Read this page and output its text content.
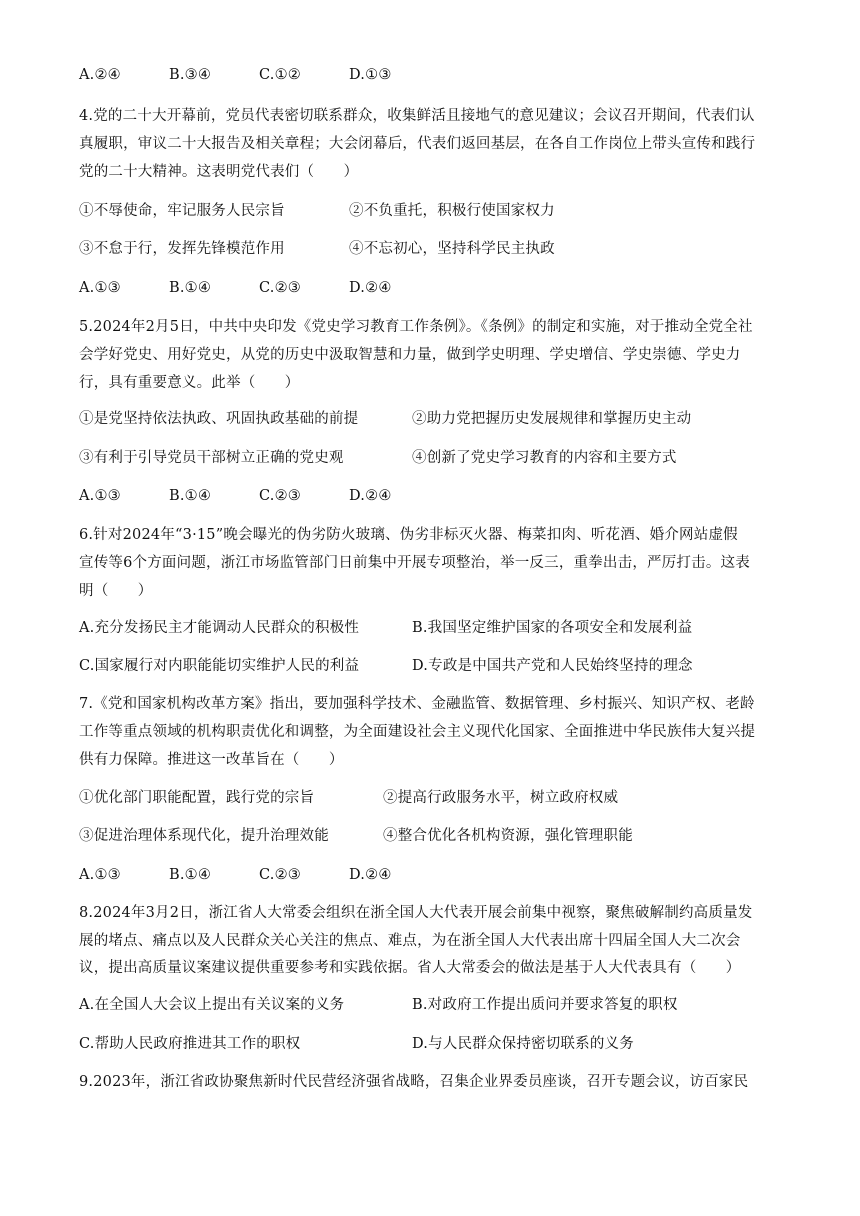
A.②④	B.③④	C.①②	D.①③
4.党的二十大开幕前，党员代表密切联系群众，收集鲜活且接地气的意见建议；会议召开期间，代表们认
真履职，审议二十大报告及相关章程；大会闭幕后，代表们返回基层，在各自工作岗位上带头宣传和践行
党的二十大精神。这表明党代表们（　　）
①不辱使命，牢记服务人民宗旨	②不负重托，积极行使国家权力
③不怠于行，发挥先锋模范作用	④不忘初心，坚持科学民主执政
A.①③	B.①④	C.②③	D.②④
5.2024年2月5日，中共中央印发《党史学习教育工作条例》。《条例》的制定和实施，对于推动全党全社
会学好党史、用好党史，从党的历史中汲取智慧和力量，做到学史明理、学史增信、学史崇德、学史力
行，具有重要意义。此举（　　）
①是党坚持依法执政、巩固执政基础的前提	②助力党把握历史发展规律和掌握历史主动
③有利于引导党员干部树立正确的党史观	④创新了党史学习教育的内容和主要方式
A.①③	B.①④	C.②③	D.②④
6.针对2024年“3·15”晚会曝光的伪劣防火玻璃、伪劣非标灭火器、梅菜扣肉、听花酒、婚介网站虚假
宣传等6个方面问题，浙江市场监管部门日前集中开展专项整治，举一反三，重拳出击，严厉打击。这表
明（　　）
A.充分发扬民主才能调动人民群众的积极性	B.我国坚定维护国家的各项安全和发展利益
C.国家履行对内职能能切实维护人民的利益	D.专政是中国共产党和人民始终坚持的理念
7.《党和国家机构改革方案》指出，要加强科学技术、金融监管、数据管理、乡村振兴、知识产权、老龄
工作等重点领域的机构职责优化和调整，为全面建设社会主义现代化国家、全面推进中华民族伟大复兴提
供有力保障。推进这一改革旨在（　　）
①优化部门职能配置，践行党的宗旨	②提高行政服务水平，树立政府权威
③促进治理体系现代化，提升治理效能	④整合优化各机构资源，强化管理职能
A.①③	B.①④	C.②③	D.②④
8.2024年3月2日，浙江省人大常委会组织在浙全国人大代表开展会前集中视察，聚焦破解制约高质量发
展的堵点、痛点以及人民群众关心关注的焦点、难点，为在浙全国人大代表出席十四届全国人大二次会
议，提出高质量议案建议提供重要参考和实践依据。省人大常委会的做法是基于人大代表具有（　　）
A.在全国人大会议上提出有关议案的义务	B.对政府工作提出质问并要求答复的职权
C.帮助人民政府推进其工作的职权	D.与人民群众保持密切联系的义务
9.2023年，浙江省政协聚焦新时代民营经济强省战略，召集企业界委员座谈，召开专题会议，访百家民
